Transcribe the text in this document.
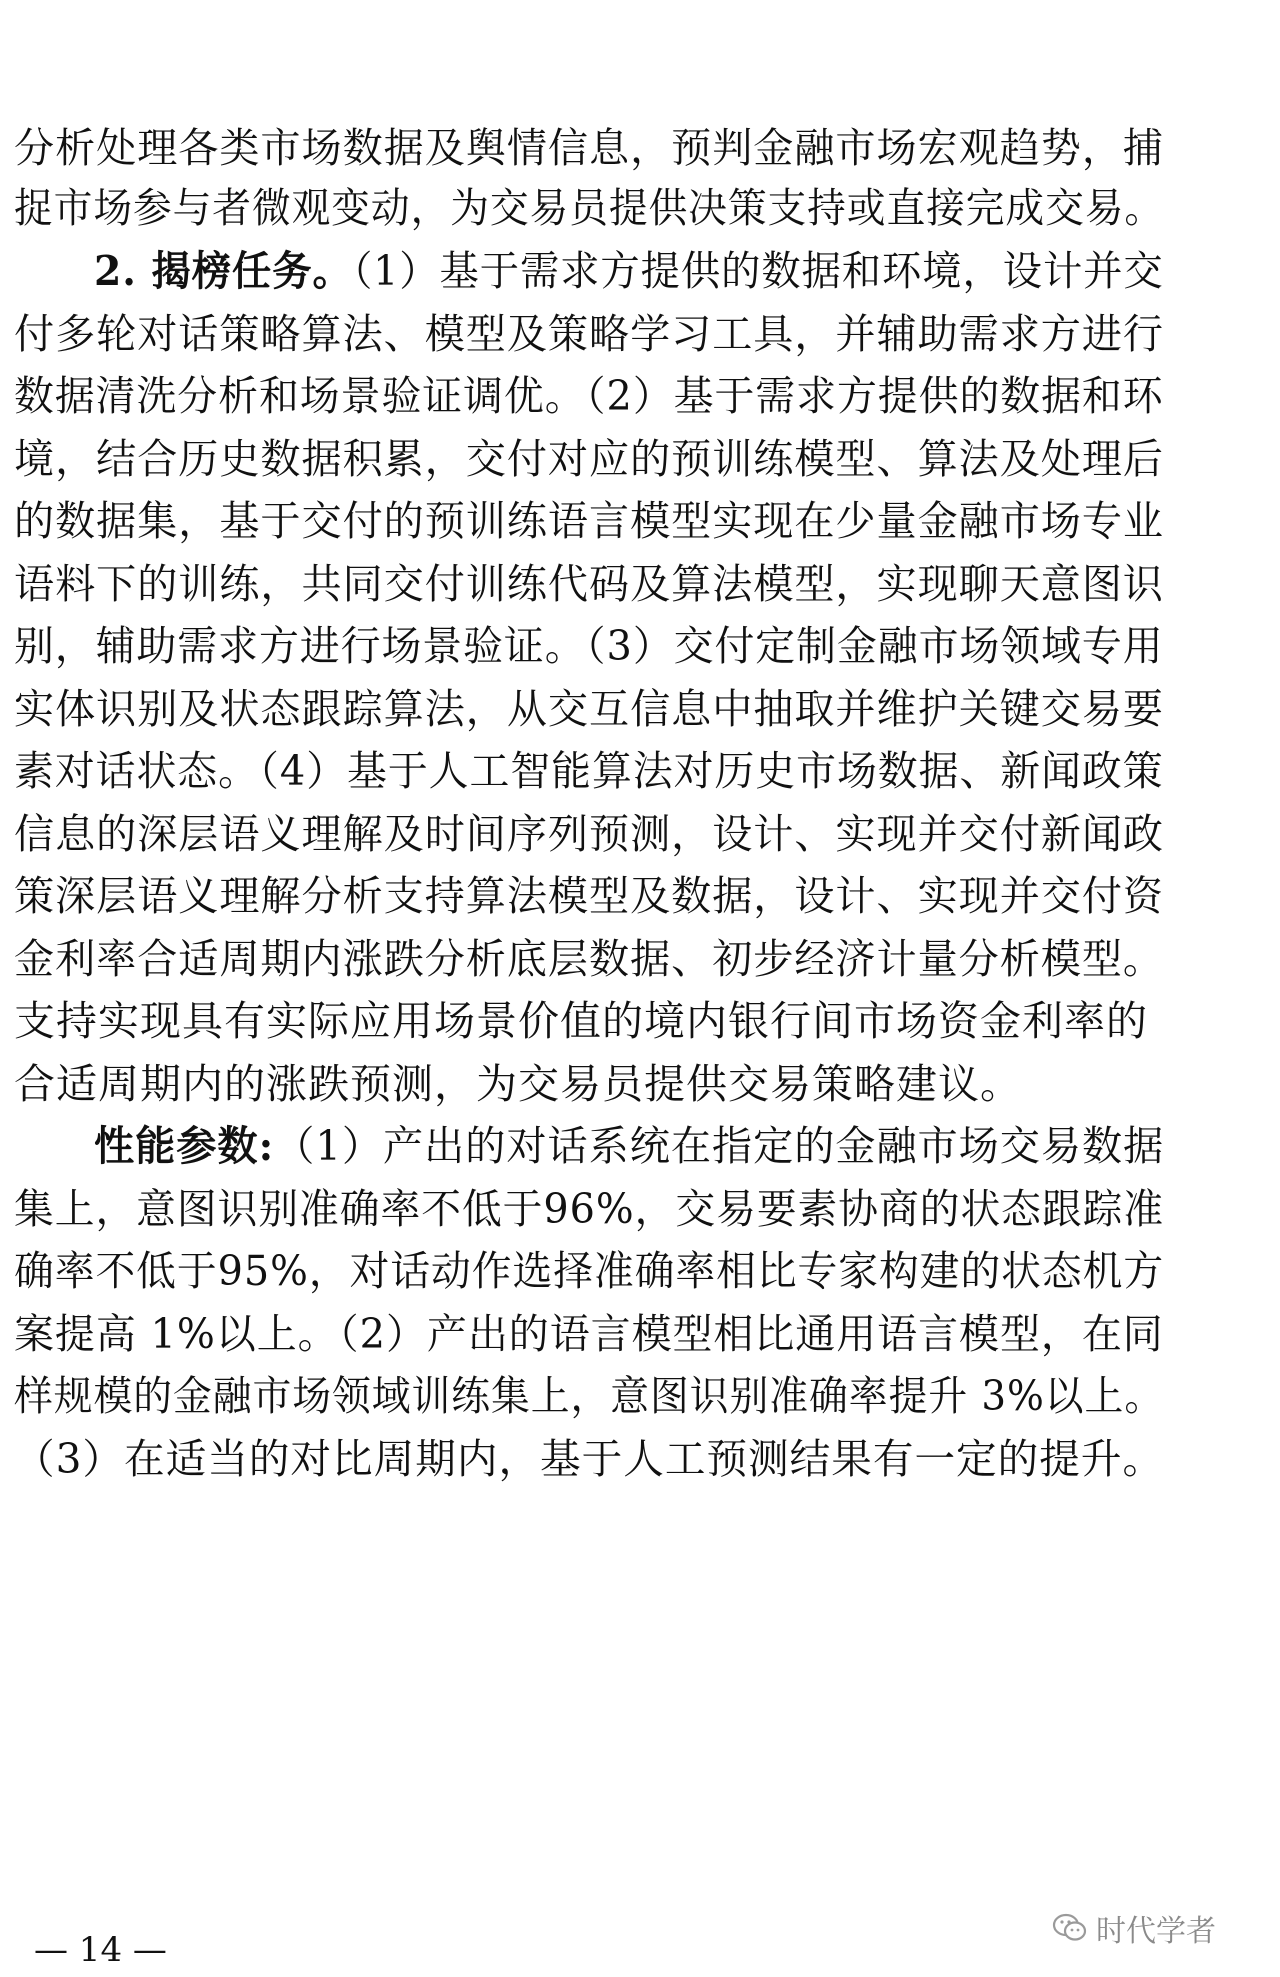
分析处理各类市场数据及舆情信息，预判金融市场宏观趋势，捕
捉市场参与者微观变动，为交易员提供决策支持或直接完成交易。
2. 揭榜任务。（1）基于需求方提供的数据和环境，设计并交
付多轮对话策略算法、模型及策略学习工具，并辅助需求方进行
数据清洗分析和场景验证调优。（2）基于需求方提供的数据和环
境，结合历史数据积累，交付对应的预训练模型、算法及处理后
的数据集，基于交付的预训练语言模型实现在少量金融市场专业
语料下的训练，共同交付训练代码及算法模型，实现聊天意图识
别，辅助需求方进行场景验证。（3）交付定制金融市场领域专用
实体识别及状态跟踪算法，从交互信息中抽取并维护关键交易要
素对话状态。（4）基于人工智能算法对历史市场数据、新闻政策
信息的深层语义理解及时间序列预测，设计、实现并交付新闻政
策深层语义理解分析支持算法模型及数据，设计、实现并交付资
金利率合适周期内涨跌分析底层数据、初步经济计量分析模型。
支持实现具有实际应用场景价值的境内银行间市场资金利率的
合适周期内的涨跌预测，为交易员提供交易策略建议。
性能参数:（1）产出的对话系统在指定的金融市场交易数据
集上，意图识别准确率不低于96%，交易要素协商的状态跟踪准
确率不低于95%，对话动作选择准确率相比专家构建的状态机方
案提高 1%以上。（2）产出的语言模型相比通用语言模型，在同
样规模的金融市场领域训练集上，意图识别准确率提升 3%以上。
（3）在适当的对比周期内，基于人工预测结果有一定的提升。
— 14 —	时代学者
